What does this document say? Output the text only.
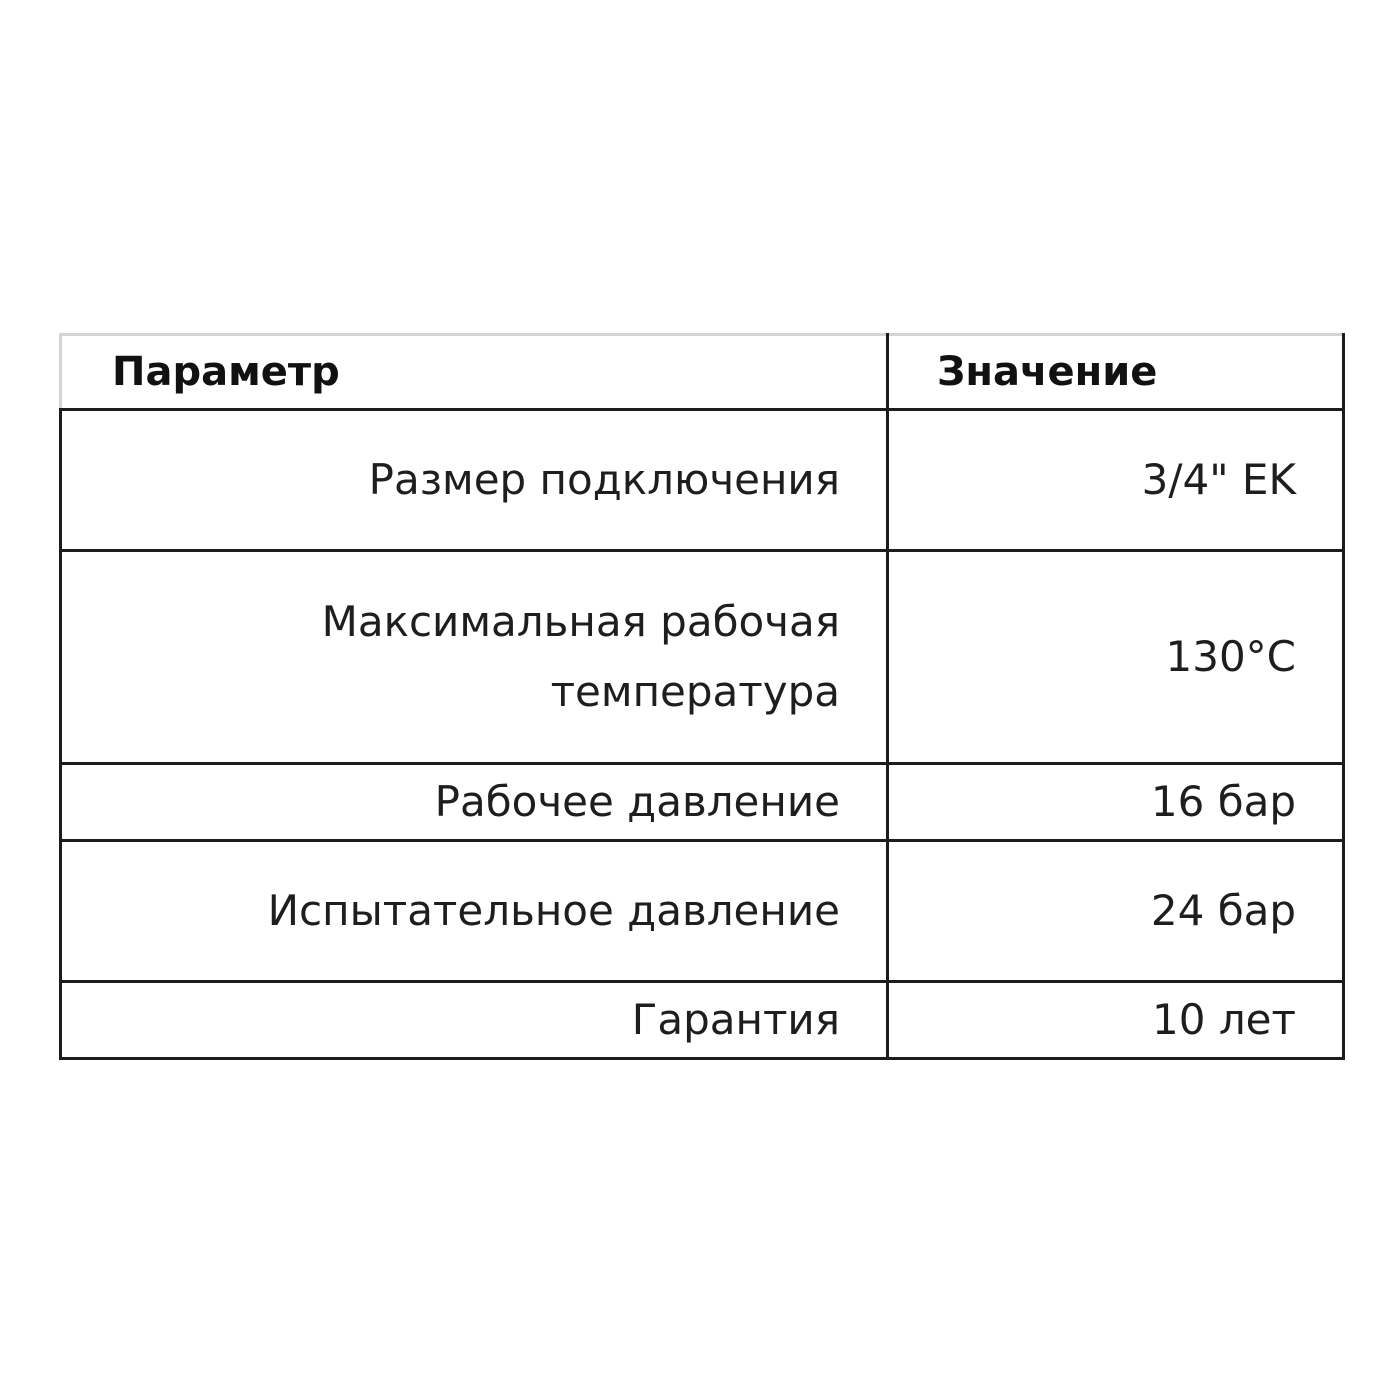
Параметр	Значение
Размер подключения	3/4" EK

Максимальная рабочая
температура	130°C
Рабочее давление	16 бар
Испытательное давление	24 бар
Гарантия	10 лет
